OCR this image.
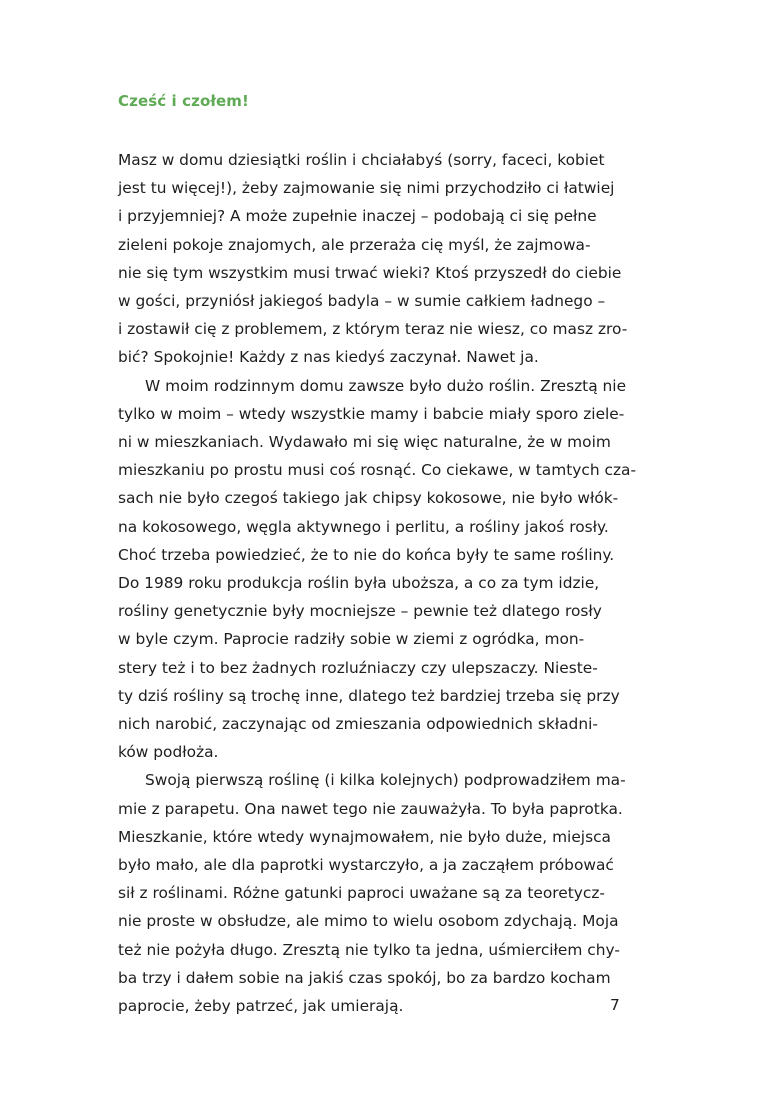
Cześć i czołem!
Masz w domu dziesiątki roślin i chciałabyś (sorry, faceci, kobiet
jest tu więcej!), żeby zajmowanie się nimi przychodziło ci łatwiej
i przyjemniej? A może zupełnie inaczej – podobają ci się pełne
zieleni pokoje znajomych, ale przeraża cię myśl, że zajmowa-
nie się tym wszystkim musi trwać wieki? Ktoś przyszedł do ciebie
w gości, przyniósł jakiegoś badyla – w sumie całkiem ładnego –
i zostawił cię z problemem, z którym teraz nie wiesz, co masz zro-
bić? Spokojnie! Każdy z nas kiedyś zaczynał. Nawet ja.
W moim rodzinnym domu zawsze było dużo roślin. Zresztą nie
tylko w moim – wtedy wszystkie mamy i babcie miały sporo ziele-
ni w mieszkaniach. Wydawało mi się więc naturalne, że w moim
mieszkaniu po prostu musi coś rosnąć. Co ciekawe, w tamtych cza-
sach nie było czegoś takiego jak chipsy kokosowe, nie było włók-
na kokosowego, węgla aktywnego i perlitu, a rośliny jakoś rosły.
Choć trzeba powiedzieć, że to nie do końca były te same rośliny.
Do 1989 roku produkcja roślin była uboższa, a co za tym idzie,
rośliny genetycznie były mocniejsze – pewnie też dlatego rosły
w byle czym. Paprocie radziły sobie w ziemi z ogródka, mon-
stery też i to bez żadnych rozluźniaczy czy ulepszaczy. Niestе-
ty dziś rośliny są trochę inne, dlatego też bardziej trzeba się przy
nich narobić, zaczynając od zmieszania odpowiednich składni-
ków podłoża.
Swoją pierwszą roślinę (i kilka kolejnych) podprowadziłem ma-
mie z parapetu. Ona nawet tego nie zauważyła. To była paprotka.
Mieszkanie, które wtedy wynajmowałem, nie było duże, miejsca
było mało, ale dla paprotki wystarczyło, a ja zacząłem próbować
sił z roślinami. Różne gatunki paproci uważane są za teoretycz-
nie proste w obsłudze, ale mimo to wielu osobom zdychają. Moja
też nie pożyła długo. Zresztą nie tylko ta jedna, uśmierciłem chy-
ba trzy i dałem sobie na jakiś czas spokój, bo za bardzo kocham
paprocie, żeby patrzeć, jak umierają.	7
